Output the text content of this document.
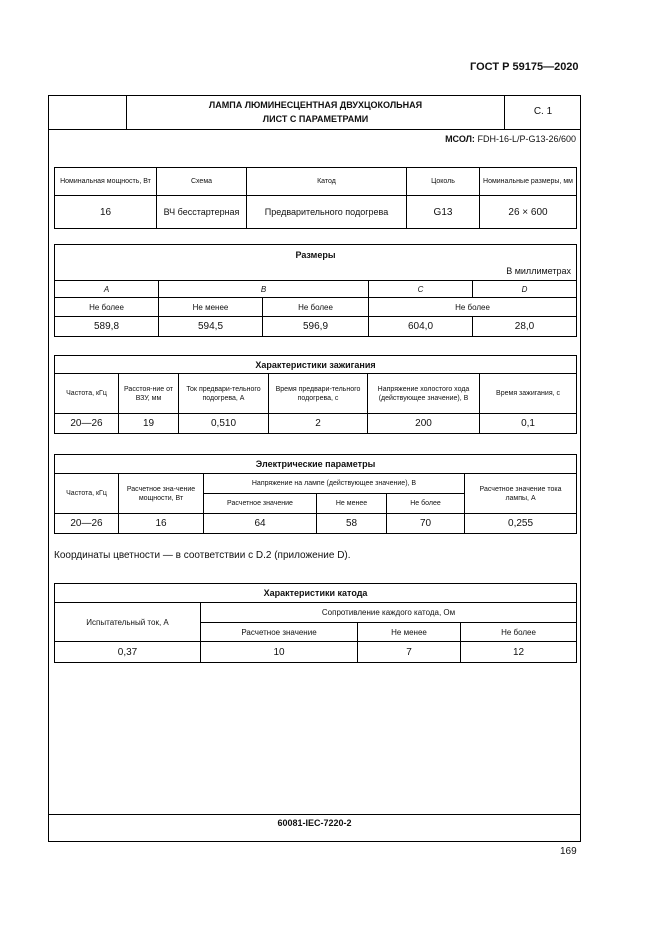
ГОСТ Р 59175—2020
ЛАМПА ЛЮМИНЕСЦЕНТНАЯ ДВУХЦОКОЛЬНАЯ
ЛИСТ С ПАРАМЕТРАМИ
С. 1
МСОЛ: FDH-16-L/P-G13-26/600
Номинальная мощность, Вт	Схема	Катод	Цоколь	Номинальные размеры, мм
16	ВЧ бесстартерная	Предварительного подогрева	G13	26 × 600
Размеры
В миллиметрах				

A	B		C	D
Не более	Не менее	Не более	Не более	
589,8	594,5	596,9	604,0	28,0
Характеристики зажигания					
Частота, кГц	Расстоя-ние от ВЗУ, мм	Ток предвари-тельного подогрева, А	Время предвари-тельного подогрева, с	Напряжение холостого хода (действующее значение), В	Время зажигания, с
20—26	19	0,510	2	200	0,1
Электрические параметры					
Частота, кГц	Расчетное зна-чение мощности, Вт	Напряжение на лампе (действующее значение), В			Расчетное значение тока лампы, А
		Расчетное значение	Не менее	Не более	
20—26	16	64	58	70	0,255
Координаты цветности — в соответствии с D.2 (приложение D).
Характеристики катода			
Испытательный ток, А	Сопротивление каждого катода, Ом		
	Расчетное значение	Не менее	Не более
0,37	10	7	12
60081-IEC-7220-2
169
